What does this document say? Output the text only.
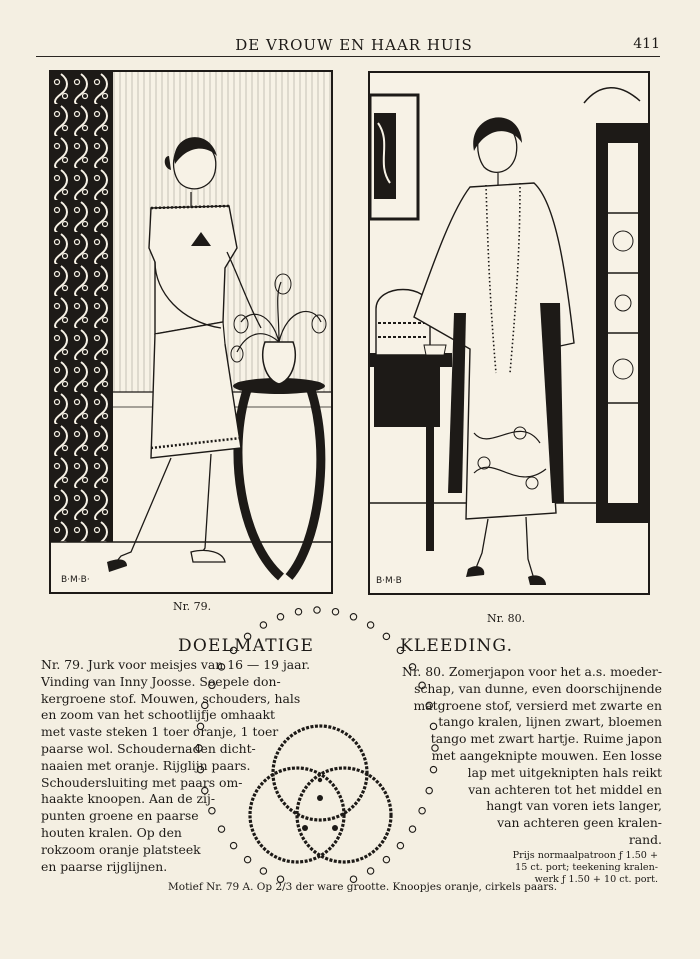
DE VROUW EN HAAR HUIS	411
B·M·B·
Nr. 79.
B·M·B
Nr. 80.
DOELMATIGE	KLEEDING.
Nr. 79. Jurk voor meisjes van 16 — 19 jaar.
Vinding van Inny Joosse. Soepele don-
kergroene stof. Mouwen, schouders, hals
en zoom van het schootlijfje omhaakt
met vaste steken 1 toer oranje, 1 toer
paarse wol. Schoudernaden dicht-
naaien met oranje. Rijglijn paars.
Schoudersluiting met paars om-
haakte knoopen. Aan de zij-
punten groene en paarse
houten kralen. Op den
rokzoom oranje platsteek
en paarse rijglijnen.
Nr. 80. Zomerjapon voor het a.s. moeder-
schap, van dunne, even doorschijnende
matgroene stof, versierd met zwarte en
tango kralen, lijnen zwart, bloemen
tango met zwart hartje. Ruime japon
met aangeknipte mouwen. Een losse
lap met uitgeknipten hals reikt
van achteren tot het middel en
hangt van voren iets langer,
van achteren geen kralen-
rand.
Prijs normaalpatroon ƒ 1.50 +
15 ct. port; teekening kralen-
werk ƒ 1.50 + 10 ct. port.
Motief Nr. 79 A. Op 2/3 der ware grootte. Knoopjes oranje, cirkels paars.
